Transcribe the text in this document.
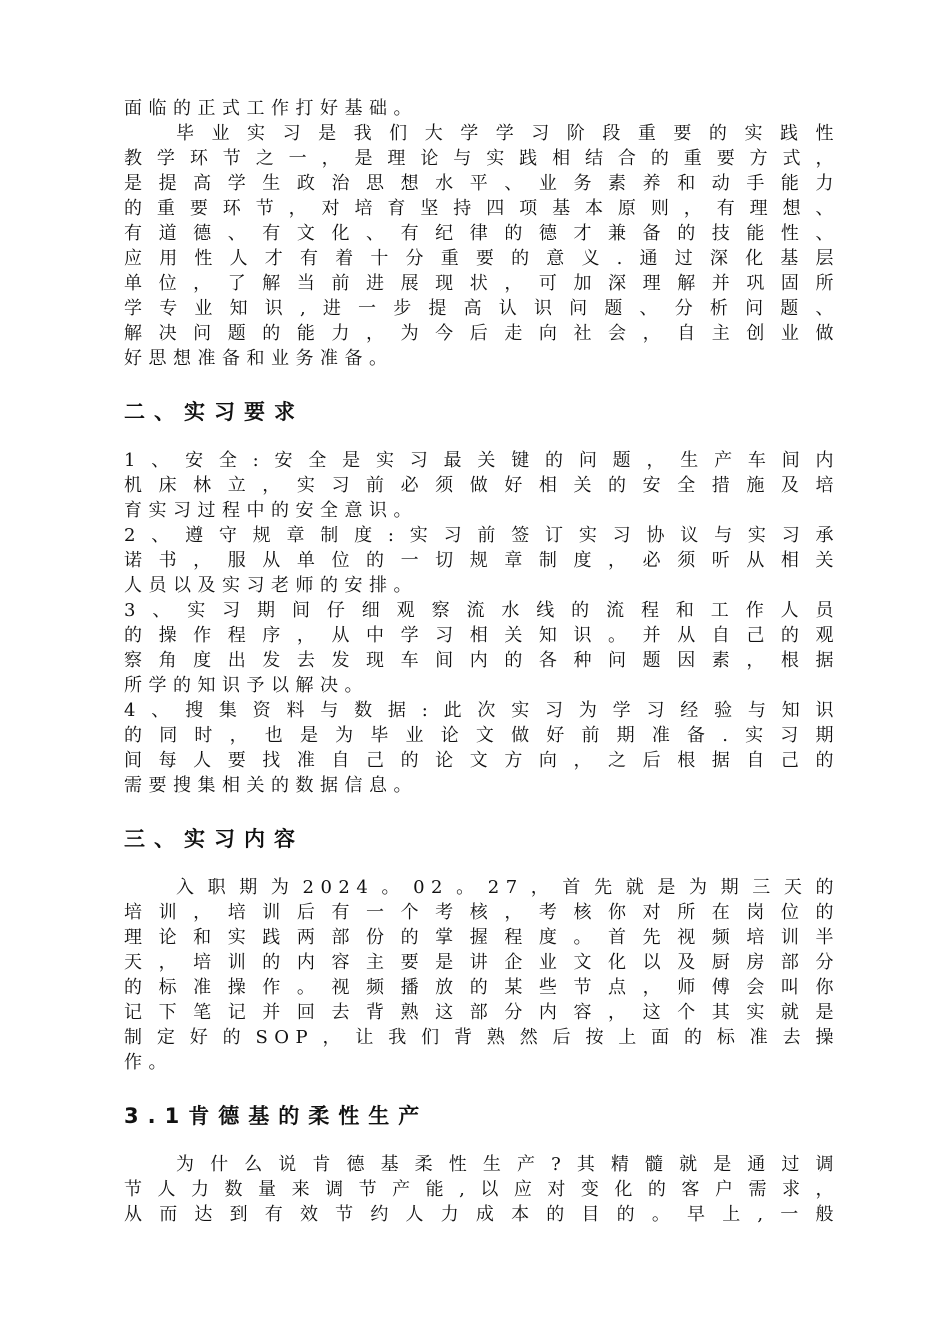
面临的正式工作打好基础。
毕业实习是我们大学学习阶段重要的实践性
教学环节之一，是理论与实践相结合的重要方式，
是提高学生政治思想水平、业务素养和动手能力
的重要环节，对培育坚持四项基本原则，有理想、
有道德、有文化、有纪律的德才兼备的技能性、
应用性人才有着十分重要的意义.通过深化基层
单位，了解当前进展现状，可加深理解并巩固所
学专业知识,进一步提高认识问题、分析问题、
解决问题的能力，为今后走向社会，自主创业做
好思想准备和业务准备。
二、实习要求
1、安全:安全是实习最关键的问题，生产车间内
机床林立，实习前必须做好相关的安全措施及培
育实习过程中的安全意识。
2、遵守规章制度:实习前签订实习协议与实习承
诺书，服从单位的一切规章制度，必须听从相关
人员以及实习老师的安排。
3、实习期间仔细观察流水线的流程和工作人员
的操作程序，从中学习相关知识。并从自己的观
察角度出发去发现车间内的各种问题因素，根据
所学的知识予以解决。
4、搜集资料与数据:此次实习为学习经验与知识
的同时，也是为毕业论文做好前期准备.实习期
间每人要找准自己的论文方向，之后根据自己的
需要搜集相关的数据信息。
三、实习内容
入职期为2024。02。27，首先就是为期三天的
培训，培训后有一个考核，考核你对所在岗位的
理论和实践两部份的掌握程度。首先视频培训半
天，培训的内容主要是讲企业文化以及厨房部分
的标准操作。视频播放的某些节点，师傅会叫你
记下笔记并回去背熟这部分内容，这个其实就是
制定好的SOP，让我们背熟然后按上面的标准去操
作。
3.1肯德基的柔性生产
为什么说肯德基柔性生产?其精髓就是通过调
节人力数量来调节产能,以应对变化的客户需求，
从而达到有效节约人力成本的目的。早上,一般
